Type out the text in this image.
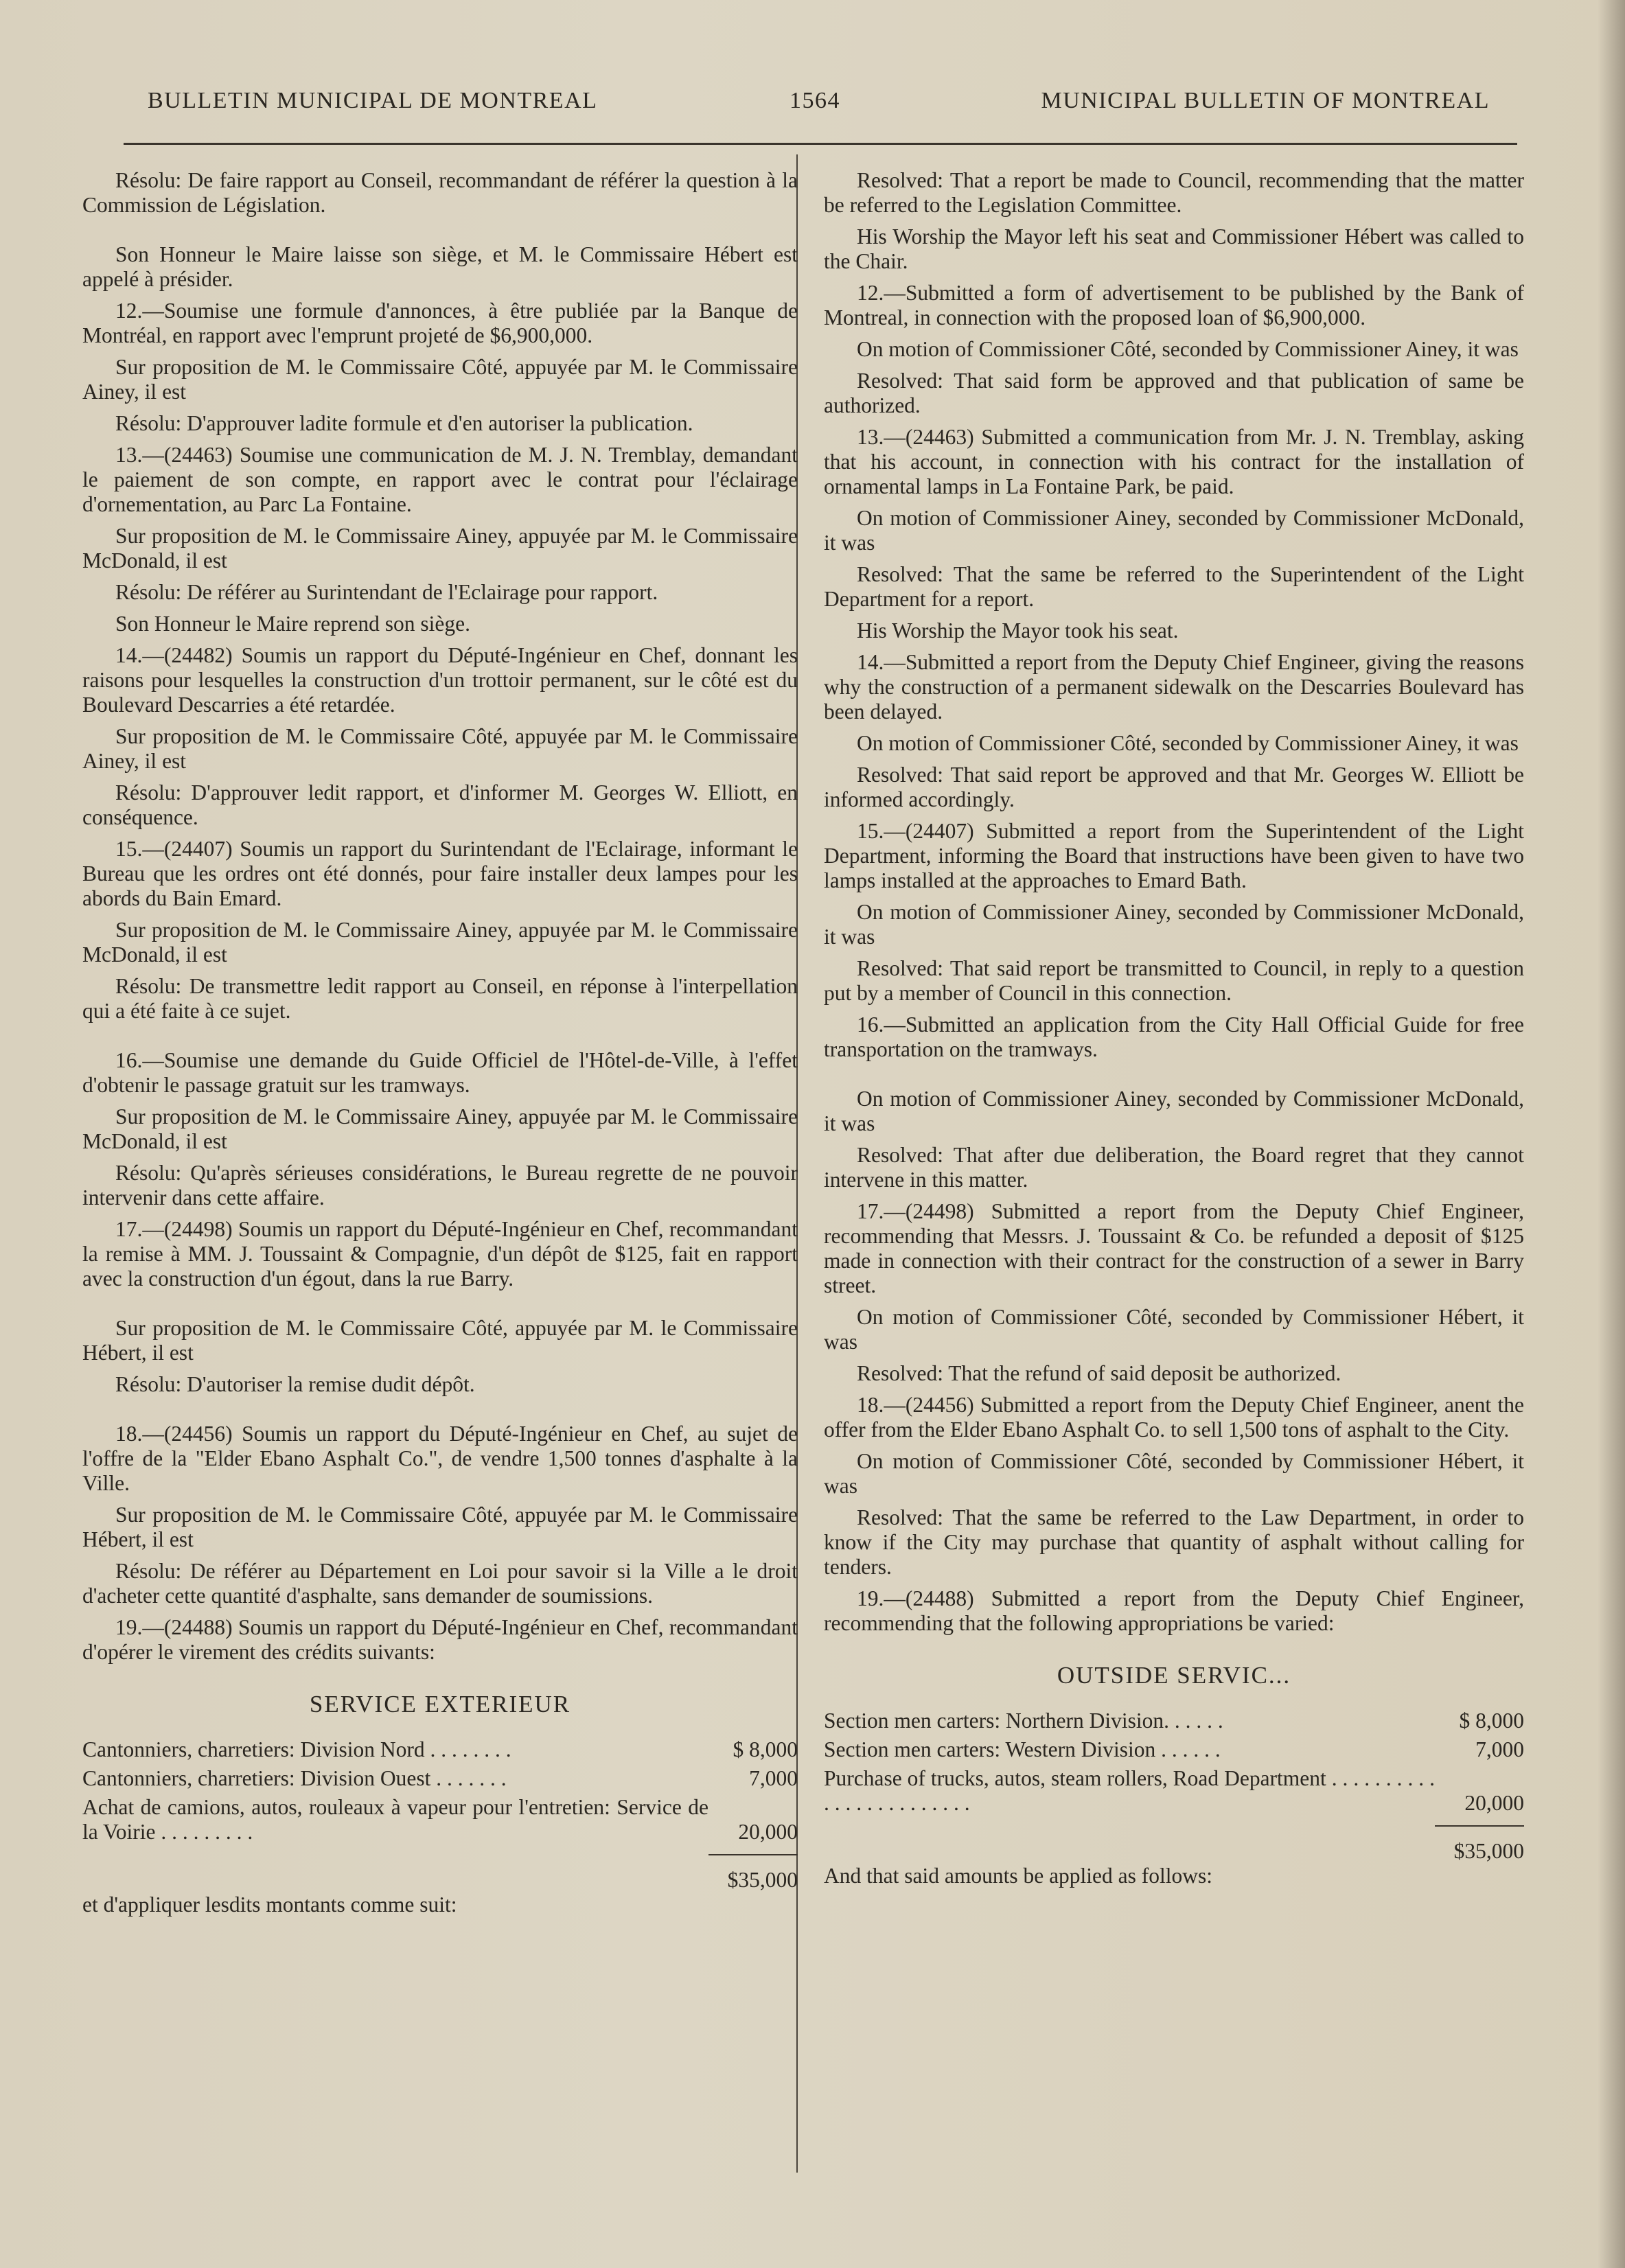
BULLETIN MUNICIPAL DE MONTREAL	1564	MUNICIPAL BULLETIN OF MONTREAL

Résolu: De faire rapport au Conseil, recommandant de référer la question à la Commission de Législation.

Son Honneur le Maire laisse son siège, et M. le Commissaire Hébert est appelé à présider.

12.—Soumise une formule d'annonces, à être publiée par la Banque de Montréal, en rapport avec l'emprunt projeté de $6,900,000.

Sur proposition de M. le Commissaire Côté, appuyée par M. le Commissaire Ainey, il est

Résolu: D'approuver ladite formule et d'en autoriser la publication.

13.—(24463) Soumise une communication de M. J. N. Tremblay, demandant le paiement de son compte, en rapport avec le contrat pour l'éclairage d'ornementation, au Parc La Fontaine.

Sur proposition de M. le Commissaire Ainey, appuyée par M. le Commissaire McDonald, il est

Résolu: De référer au Surintendant de l'Eclairage pour rapport.

Son Honneur le Maire reprend son siège.

14.—(24482) Soumis un rapport du Député-Ingénieur en Chef, donnant les raisons pour lesquelles la construction d'un trottoir permanent, sur le côté est du Boulevard Descarries a été retardée.

Sur proposition de M. le Commissaire Côté, appuyée par M. le Commissaire Ainey, il est

Résolu: D'approuver ledit rapport, et d'informer M. Georges W. Elliott, en conséquence.

15.—(24407) Soumis un rapport du Surintendant de l'Eclairage, informant le Bureau que les ordres ont été donnés, pour faire installer deux lampes pour les abords du Bain Emard.

Sur proposition de M. le Commissaire Ainey, appuyée par M. le Commissaire McDonald, il est

Résolu: De transmettre ledit rapport au Conseil, en réponse à l'interpellation qui a été faite à ce sujet.

16.—Soumise une demande du Guide Officiel de l'Hôtel-de-Ville, à l'effet d'obtenir le passage gratuit sur les tramways.

Sur proposition de M. le Commissaire Ainey, appuyée par M. le Commissaire McDonald, il est

Résolu: Qu'après sérieuses considérations, le Bureau regrette de ne pouvoir intervenir dans cette affaire.

17.—(24498) Soumis un rapport du Député-Ingénieur en Chef, recommandant la remise à MM. J. Toussaint & Compagnie, d'un dépôt de $125, fait en rapport avec la construction d'un égout, dans la rue Barry.

Sur proposition de M. le Commissaire Côté, appuyée par M. le Commissaire Hébert, il est

Résolu: D'autoriser la remise dudit dépôt.

18.—(24456) Soumis un rapport du Député-Ingénieur en Chef, au sujet de l'offre de la "Elder Ebano Asphalt Co.", de vendre 1,500 tonnes d'asphalte à la Ville.

Sur proposition de M. le Commissaire Côté, appuyée par M. le Commissaire Hébert, il est

Résolu: De référer au Département en Loi pour savoir si la Ville a le droit d'acheter cette quantité d'asphalte, sans demander de soumissions.

19.—(24488) Soumis un rapport du Député-Ingénieur en Chef, recommandant d'opérer le virement des crédits suivants:

SERVICE EXTERIEUR
Cantonniers, charretiers: Division Nord . . . . . . . .	$ 8,000
Cantonniers, charretiers: Division Ouest . . . . . . .	7,000
Achat de camions, autos, rouleaux à vapeur pour l'entretien: Service de la Voirie . . . . . . . . .	20,000
$35,000

et d'appliquer lesdits montants comme suit:

Resolved: That a report be made to Council, recommending that the matter be referred to the Legislation Committee.

His Worship the Mayor left his seat and Commissioner Hébert was called to the Chair.

12.—Submitted a form of advertisement to be published by the Bank of Montreal, in connection with the proposed loan of $6,900,000.

On motion of Commissioner Côté, seconded by Commissioner Ainey, it was

Resolved: That said form be approved and that publication of same be authorized.

13.—(24463) Submitted a communication from Mr. J. N. Tremblay, asking that his account, in connection with his contract for the installation of ornamental lamps in La Fontaine Park, be paid.

On motion of Commissioner Ainey, seconded by Commissioner McDonald, it was

Resolved: That the same be referred to the Superintendent of the Light Department for a report.

His Worship the Mayor took his seat.

14.—Submitted a report from the Deputy Chief Engineer, giving the reasons why the construction of a permanent sidewalk on the Descarries Boulevard has been delayed.

On motion of Commissioner Côté, seconded by Commissioner Ainey, it was

Resolved: That said report be approved and that Mr. Georges W. Elliott be informed accordingly.

15.—(24407) Submitted a report from the Superintendent of the Light Department, informing the Board that instructions have been given to have two lamps installed at the approaches to Emard Bath.

On motion of Commissioner Ainey, seconded by Commissioner McDonald, it was

Resolved: That said report be transmitted to Council, in reply to a question put by a member of Council in this connection.

16.—Submitted an application from the City Hall Official Guide for free transportation on the tramways.

On motion of Commissioner Ainey, seconded by Commissioner McDonald, it was

Resolved: That after due deliberation, the Board regret that they cannot intervene in this matter.

17.—(24498) Submitted a report from the Deputy Chief Engineer, recommending that Messrs. J. Toussaint & Co. be refunded a deposit of $125 made in connection with their contract for the construction of a sewer in Barry street.

On motion of Commissioner Côté, seconded by Commissioner Hébert, it was

Resolved: That the refund of said deposit be authorized.

18.—(24456) Submitted a report from the Deputy Chief Engineer, anent the offer from the Elder Ebano Asphalt Co. to sell 1,500 tons of asphalt to the City.

On motion of Commissioner Côté, seconded by Commissioner Hébert, it was

Resolved: That the same be referred to the Law Department, in order to know if the City may purchase that quantity of asphalt without calling for tenders.

19.—(24488) Submitted a report from the Deputy Chief Engineer, recommending that the following appropriations be varied:

OUTSIDE SERVIC...
Section men carters: Northern Division. . . . . .	$ 8,000
Section men carters: Western Division . . . . . .	7,000
Purchase of trucks, autos, steam rollers, Road Department . . . . . . . . . . . . . . . . . . . . . . . .	20,000
$35,000

And that said amounts be applied as follows:
